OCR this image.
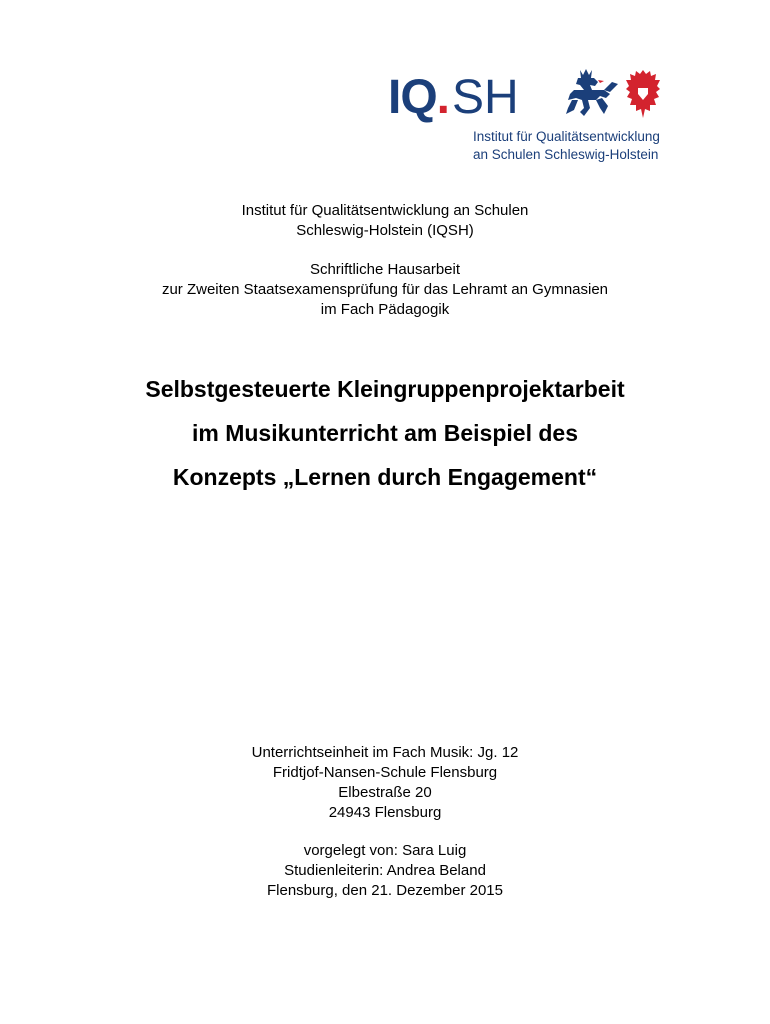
IQ . SH
Institut für Qualitätsentwicklung
an Schulen Schleswig-Holstein
Institut für Qualitätsentwicklung an Schulen
Schleswig-Holstein (IQSH)
Schriftliche Hausarbeit
zur Zweiten Staatsexamensprüfung für das Lehramt an Gymnasien
im Fach Pädagogik
Selbstgesteuerte Kleingruppenprojektarbeit
im Musikunterricht am Beispiel des
Konzepts „Lernen durch Engagement“
Unterrichtseinheit im Fach Musik: Jg. 12
Fridtjof-Nansen-Schule Flensburg
Elbestraße 20
24943 Flensburg
vorgelegt von: Sara Luig
Studienleiterin: Andrea Beland
Flensburg, den 21. Dezember 2015
